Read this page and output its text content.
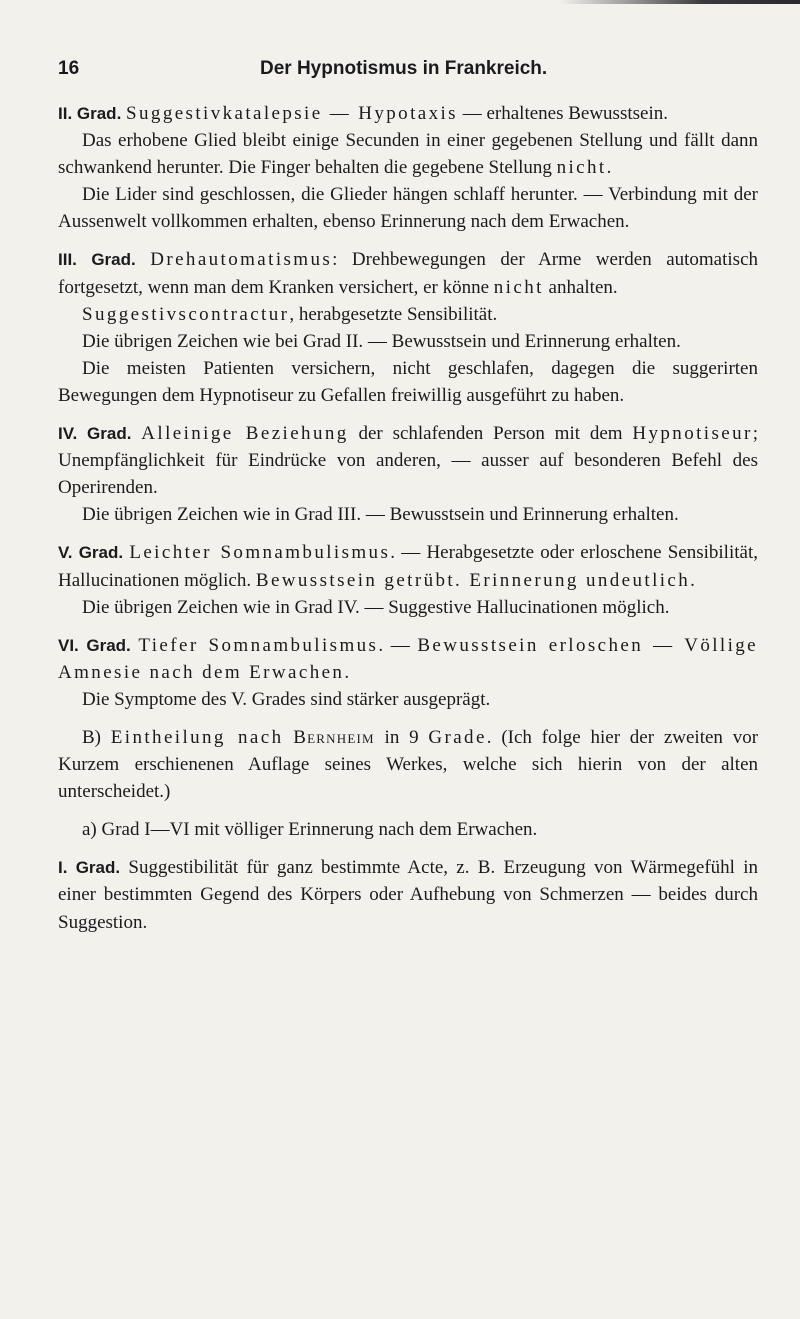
16	Der Hypnotismus in Frankreich.

II. Grad. Suggestivkatalepsie — Hypotaxis — erhaltenes Bewusstsein.

Das erhobene Glied bleibt einige Secunden in einer gegebenen Stellung und fällt dann schwankend herunter. Die Finger behalten die gegebene Stellung nicht.

Die Lider sind geschlossen, die Glieder hängen schlaff herunter. — Verbindung mit der Aussenwelt vollkommen erhalten, ebenso Erinnerung nach dem Erwachen.

III. Grad. Drehautomatismus: Drehbewegungen der Arme werden automatisch fortgesetzt, wenn man dem Kranken versichert, er könne nicht anhalten.

Suggestivscontractur, herabgesetzte Sensibilität.

Die übrigen Zeichen wie bei Grad II. — Bewusstsein und Erinnerung erhalten.

Die meisten Patienten versichern, nicht geschlafen, dagegen die suggerirten Bewegungen dem Hypnotiseur zu Gefallen freiwillig ausgeführt zu haben.

IV. Grad. Alleinige Beziehung der schlafenden Person mit dem Hypnotiseur; Unempfänglichkeit für Eindrücke von anderen, — ausser auf besonderen Befehl des Operirenden.

Die übrigen Zeichen wie in Grad III. — Bewusstsein und Erinnerung erhalten.

V. Grad. Leichter Somnambulismus. — Herabgesetzte oder erloschene Sensibilität, Hallucinationen möglich. Bewusstsein getrübt. Erinnerung undeutlich.

Die übrigen Zeichen wie in Grad IV. — Suggestive Hallucinationen möglich.

VI. Grad. Tiefer Somnambulismus. — Bewusstsein erloschen — Völlige Amnesie nach dem Erwachen.

Die Symptome des V. Grades sind stärker ausgeprägt.

B) Eintheilung nach Bernheim in 9 Grade. (Ich folge hier der zweiten vor Kurzem erschienenen Auflage seines Werkes, welche sich hierin von der alten unterscheidet.)

a) Grad I—VI mit völliger Erinnerung nach dem Erwachen.

I. Grad. Suggestibilität für ganz bestimmte Acte, z. B. Erzeugung von Wärmegefühl in einer bestimmten Gegend des Körpers oder Aufhebung von Schmerzen — beides durch Suggestion.
